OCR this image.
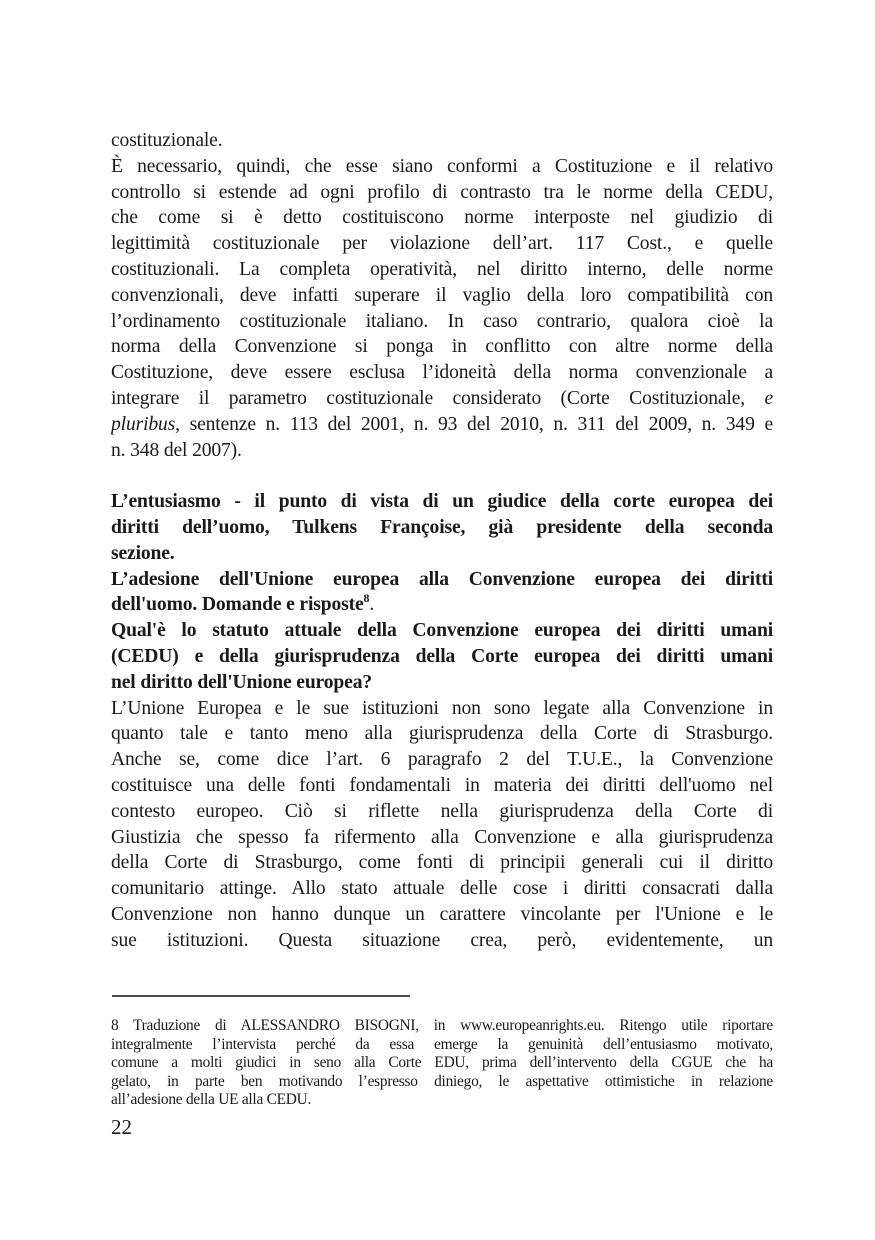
costituzionale.
È necessario, quindi, che esse siano conformi a Costituzione e il relativo
controllo si estende ad ogni profilo di contrasto tra le norme della CEDU,
che come si è detto costituiscono norme interposte nel giudizio di
legittimità costituzionale per violazione dell’art. 117 Cost., e quelle
costituzionali. La completa operatività, nel diritto interno, delle norme
convenzionali, deve infatti superare il vaglio della loro compatibilità con
l’ordinamento costituzionale italiano. In caso contrario, qualora cioè la
norma della Convenzione si ponga in conflitto con altre norme della
Costituzione, deve essere esclusa l’idoneità della norma convenzionale a
integrare il parametro costituzionale considerato (Corte Costituzionale, e
pluribus, sentenze n. 113 del 2001, n. 93 del 2010, n. 311 del 2009, n. 349 e
n. 348 del 2007).
L’entusiasmo - il punto di vista di un giudice della corte europea dei
diritti dell’uomo, Tulkens Françoise, già presidente della seconda
sezione.
L’adesione dell'Unione europea alla Convenzione europea dei diritti
dell'uomo. Domande e risposte$^8$.
Qual'è lo statuto attuale della Convenzione europea dei diritti umani
(CEDU) e della giurisprudenza della Corte europea dei diritti umani
nel diritto dell'Unione europea?
L’Unione Europea e le sue istituzioni non sono legate alla Convenzione in
quanto tale e tanto meno alla giurisprudenza della Corte di Strasburgo.
Anche se, come dice l’art. 6 paragrafo 2 del T.U.E., la Convenzione
costituisce una delle fonti fondamentali in materia dei diritti dell'uomo nel
contesto europeo. Ciò si riflette nella giurisprudenza della Corte di
Giustizia che spesso fa rifermento alla Convenzione e alla giurisprudenza
della Corte di Strasburgo, come fonti di principii generali cui il diritto
comunitario attinge. Allo stato attuale delle cose i diritti consacrati dalla
Convenzione non hanno dunque un carattere vincolante per l'Unione e le
sue istituzioni. Questa situazione crea, però, evidentemente, un
8 Traduzione di ALESSANDRO BISOGNI, in www.europeanrights.eu. Ritengo utile riportare
integralmente l’intervista perché da essa emerge la genuinità dell’entusiasmo motivato,
comune a molti giudici in seno alla Corte EDU, prima dell’intervento della CGUE che ha
gelato, in parte ben motivando l’espresso diniego, le aspettative ottimistiche in relazione
all’adesione della UE alla CEDU.
22
